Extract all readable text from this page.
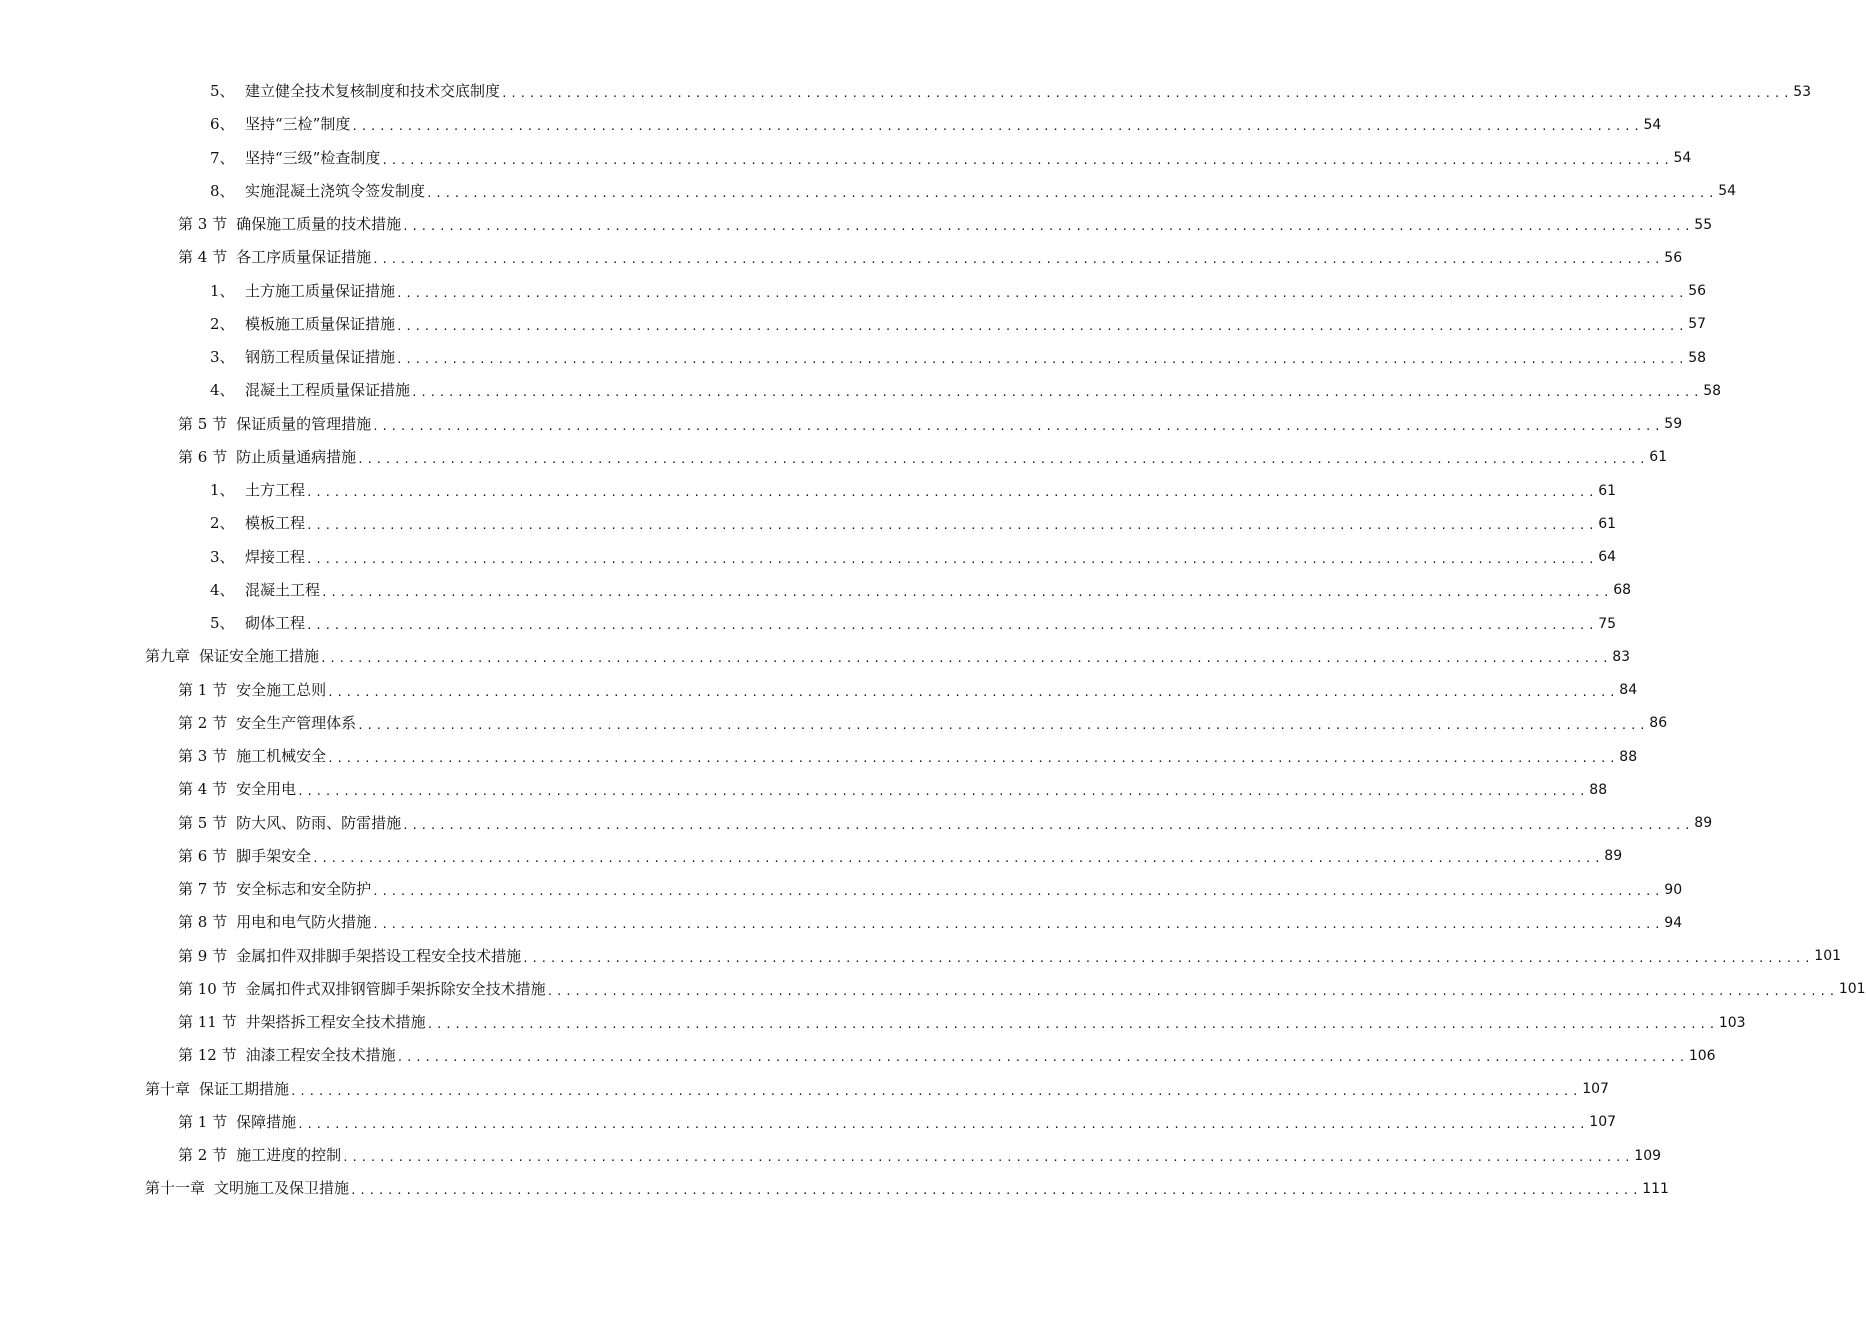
5、 建立健全技术复核制度和技术交底制度 ............................................................................................................................................ 53
6、 坚持“三检”制度 ............................................................................................................................................ 54
7、 坚持“三级”检查制度 ............................................................................................................................................ 54
8、 实施混凝土浇筑令签发制度 ............................................................................................................................................ 54
第 3 节 确保施工质量的技术措施 ............................................................................................................................................ 55
第 4 节 各工序质量保证措施 ............................................................................................................................................ 56
1、 土方施工质量保证措施 ............................................................................................................................................ 56
2、 模板施工质量保证措施 ............................................................................................................................................ 57
3、 钢筋工程质量保证措施 ............................................................................................................................................ 58
4、 混凝土工程质量保证措施 ............................................................................................................................................ 58
第 5 节 保证质量的管理措施 ............................................................................................................................................ 59
第 6 节 防止质量通病措施 ............................................................................................................................................ 61
1、 土方工程 ............................................................................................................................................ 61
2、 模板工程 ............................................................................................................................................ 61
3、 焊接工程 ............................................................................................................................................ 64
4、 混凝土工程 ............................................................................................................................................ 68
5、 砌体工程 ............................................................................................................................................ 75
第九章 保证安全施工措施 ............................................................................................................................................ 83
第 1 节 安全施工总则 ............................................................................................................................................ 84
第 2 节 安全生产管理体系 ............................................................................................................................................ 86
第 3 节 施工机械安全 ............................................................................................................................................ 88
第 4 节 安全用电 ............................................................................................................................................ 88
第 5 节 防大风、防雨、防雷措施 ............................................................................................................................................ 89
第 6 节 脚手架安全 ............................................................................................................................................ 89
第 7 节 安全标志和安全防护 ............................................................................................................................................ 90
第 8 节 用电和电气防火措施 ............................................................................................................................................ 94
第 9 节 金属扣件双排脚手架搭设工程安全技术措施 ............................................................................................................................................ 101
第 10 节 金属扣件式双排钢管脚手架拆除安全技术措施 ............................................................................................................................................ 101
第 11 节 井架搭拆工程安全技术措施 ............................................................................................................................................ 103
第 12 节 油漆工程安全技术措施 ............................................................................................................................................ 106
第十章 保证工期措施 ............................................................................................................................................ 107
第 1 节 保障措施 ............................................................................................................................................ 107
第 2 节 施工进度的控制 ............................................................................................................................................ 109
第十一章 文明施工及保卫措施 ............................................................................................................................................ 111
